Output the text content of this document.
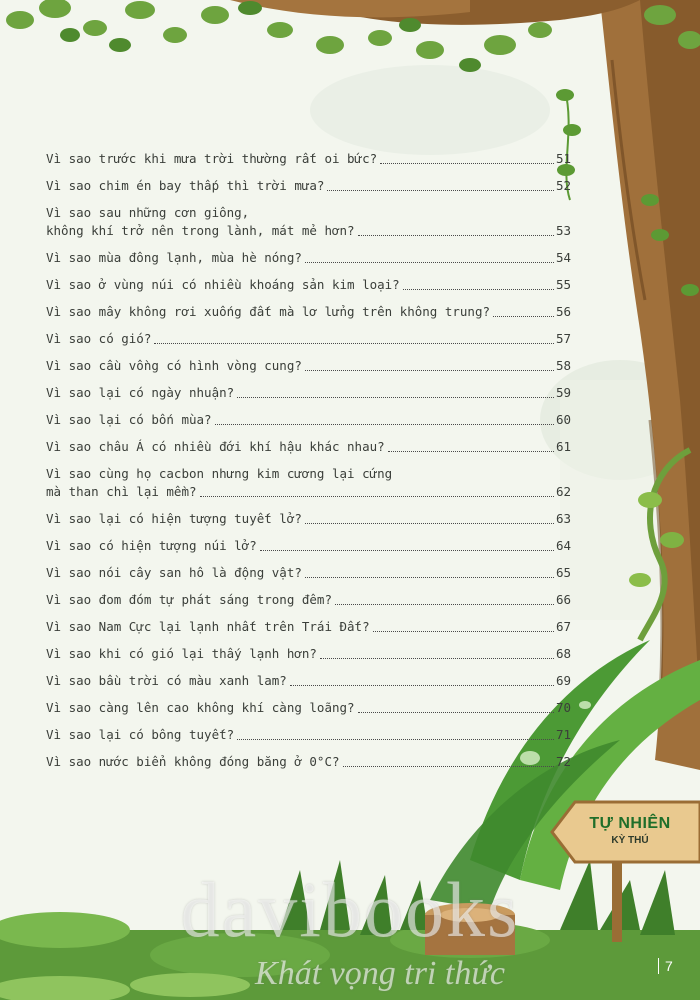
Vì sao trước khi mưa trời thường rất oi bức?	51
Vì sao chim én bay thấp thì trời mưa?	52
Vì sao sau những cơn giông,
không khí trở nên trong lành, mát mẻ hơn?	53
Vì sao mùa đông lạnh, mùa hè nóng?	54
Vì sao ở vùng núi có nhiều khoáng sản kim loại?	55
Vì sao mây không rơi xuống đất mà lơ lửng trên không trung?	56
Vì sao có gió?	57
Vì sao cầu vồng có hình vòng cung?	58
Vì sao lại có ngày nhuận?	59
Vì sao lại có bốn mùa?	60
Vì sao châu Á có nhiều đới khí hậu khác nhau?	61
Vì sao cùng họ cacbon nhưng kim cương lại cứng
mà than chì lại mềm?	62
Vì sao lại có hiện tượng tuyết lở?	63
Vì sao có hiện tượng núi lở?	64
Vì sao nói cây san hô là động vật?	65
Vì sao đom đóm tự phát sáng trong đêm?	66
Vì sao Nam Cực lại lạnh nhất trên Trái Đất?	67
Vì sao khi có gió lại thấy lạnh hơn?	68
Vì sao bầu trời có màu xanh lam?	69
Vì sao càng lên cao không khí càng loãng?	70
Vì sao lại có bông tuyết?	71
Vì sao nước biển không đóng băng ở 0°C?	72
TỰ NHIÊN
KỲ THÚ
davibooks
Khát vọng tri thức	7
